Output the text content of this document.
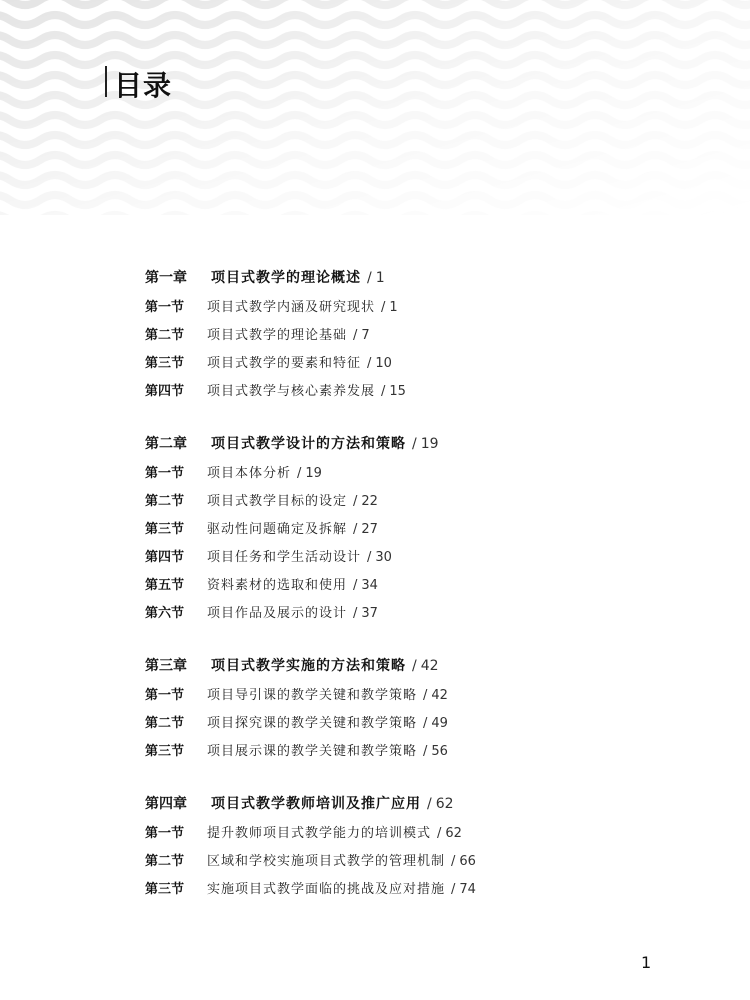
目录
第一章 项目式教学的理论概述 / 1
第一节 项目式教学内涵及研究现状 / 1
第二节 项目式教学的理论基础 / 7
第三节 项目式教学的要素和特征 / 10
第四节 项目式教学与核心素养发展 / 15
第二章 项目式教学设计的方法和策略 / 19
第一节 项目本体分析 / 19
第二节 项目式教学目标的设定 / 22
第三节 驱动性问题确定及拆解 / 27
第四节 项目任务和学生活动设计 / 30
第五节 资料素材的选取和使用 / 34
第六节 项目作品及展示的设计 / 37
第三章 项目式教学实施的方法和策略 / 42
第一节 项目导引课的教学关键和教学策略 / 42
第二节 项目探究课的教学关键和教学策略 / 49
第三节 项目展示课的教学关键和教学策略 / 56
第四章 项目式教学教师培训及推广应用 / 62
第一节 提升教师项目式教学能力的培训模式 / 62
第二节 区域和学校实施项目式教学的管理机制 / 66
第三节 实施项目式教学面临的挑战及应对措施 / 74
1
